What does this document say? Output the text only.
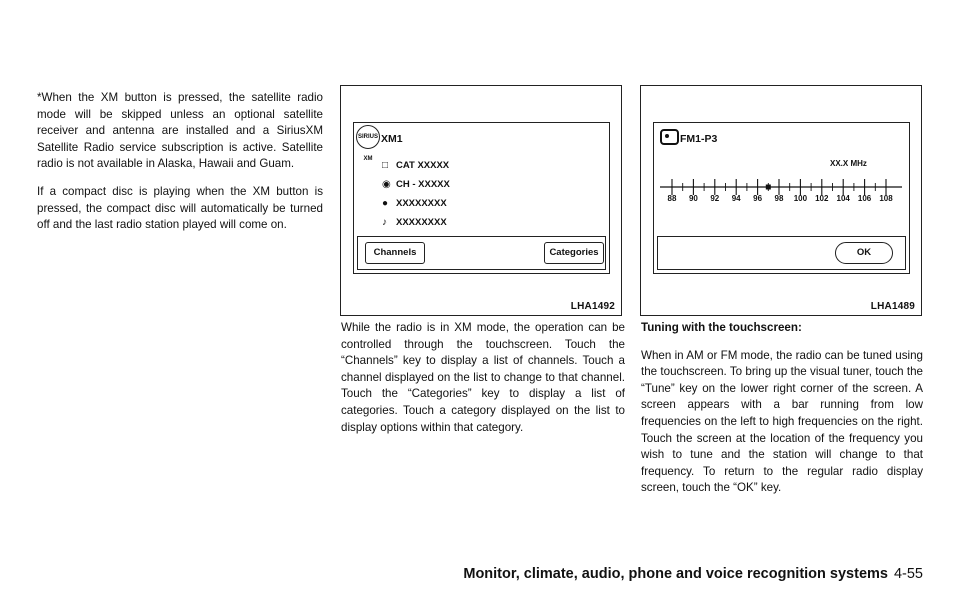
*When the XM button is pressed, the satellite radio mode will be skipped unless an optional satellite receiver and antenna are installed and a SiriusXM Satellite Radio service subscription is active. Satellite radio is not available in Alaska, Hawaii and Guam.

If a compact disc is playing when the XM button is pressed, the compact disc will automatically be turned off and the last radio station played will come on.

SIRIUS XM
XM1
□ CAT XXXXX
◉ CH - XXXXX
● XXXXXXXX
♪ XXXXXXXX
Channels	Categories
LHA1492
FM1-P3
XX.X MHz
88	90	92	94	96	98	100 102 104 106 108
OK
LHA1489

While the radio is in XM mode, the operation can be controlled through the touchscreen. Touch the “Channels” key to display a list of channels. Touch a channel displayed on the list to change to that channel. Touch the “Categories” key to display a list of categories. Touch a category displayed on the list to display options within that category.

Tuning with the touchscreen:

When in AM or FM mode, the radio can be tuned using the touchscreen. To bring up the visual tuner, touch the “Tune” key on the lower right corner of the screen. A screen appears with a bar running from low frequencies on the left to high frequencies on the right. Touch the screen at the location of the frequency you wish to tune and the station will change to that frequency. To return to the regular radio display screen, touch the “OK” key.

Monitor, climate, audio, phone and voice recognition systems 4-55
